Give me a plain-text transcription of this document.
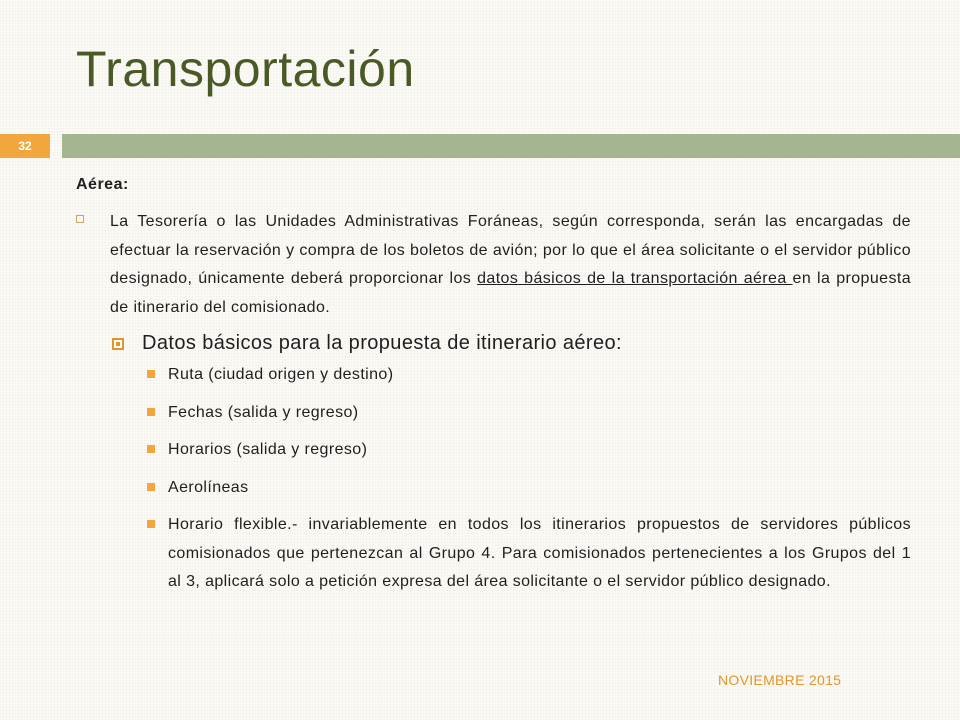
Transportación
32
Aérea:
La Tesorería o las Unidades Administrativas Foráneas, según corresponda, serán las encargadas de efectuar la reservación y compra de los boletos de avión; por lo que el área solicitante o el servidor público designado, únicamente deberá proporcionar los datos básicos de la transportación aérea en la propuesta de itinerario del comisionado.
Datos básicos para la propuesta de itinerario aéreo:
Ruta (ciudad origen y destino)
Fechas (salida y regreso)
Horarios (salida y regreso)
Aerolíneas
Horario flexible.- invariablemente en todos los itinerarios propuestos de servidores públicos comisionados que pertenezcan al Grupo 4. Para comisionados pertenecientes a los Grupos del 1 al 3, aplicará solo a petición expresa del área solicitante o el servidor público designado.
NOVIEMBRE 2015
